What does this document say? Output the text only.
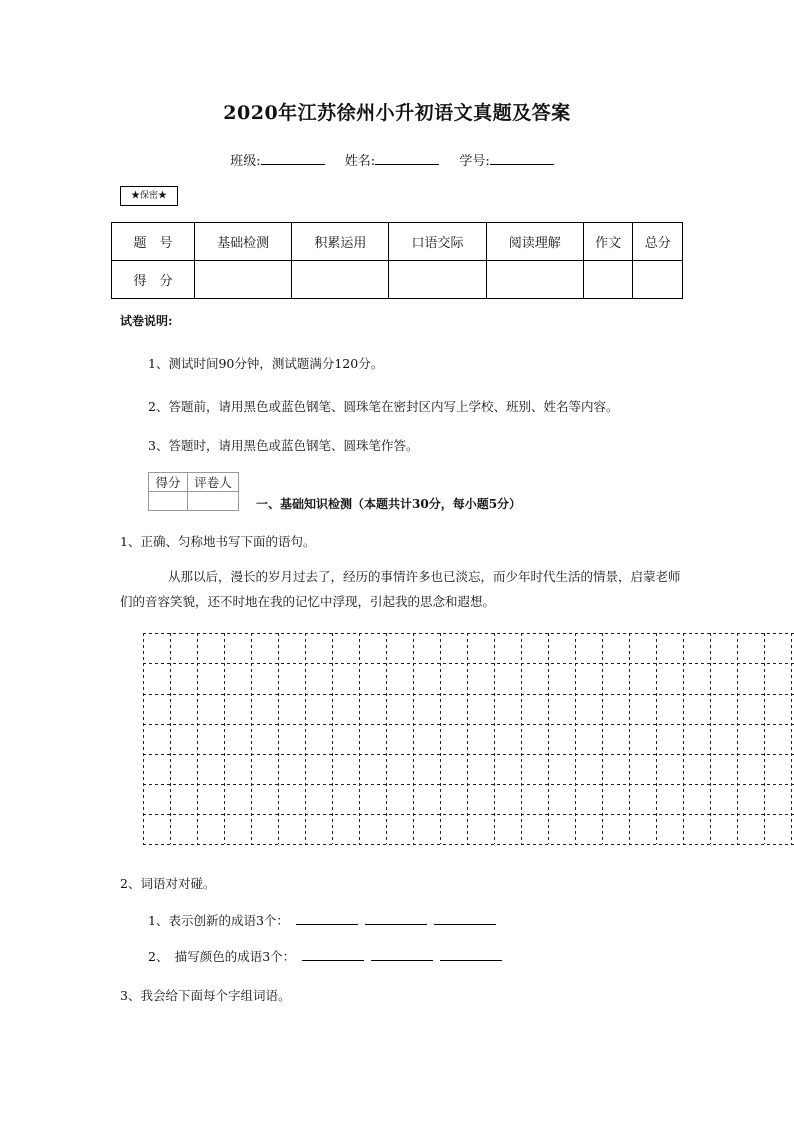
2020年江苏徐州小升初语文真题及答案
班级:	姓名:	学号:
★保密★
题　号	基础检测	积累运用	口语交际	阅读理解	作文	总分
得　分						
试卷说明:
1、测试时间90分钟，测试题满分120分。
2、答题前，请用黑色或蓝色钢笔、圆珠笔在密封区内写上学校、班别、姓名等内容。
3、答题时，请用黑色或蓝色钢笔、圆珠笔作答。
得分	评卷人

一、基础知识检测（本题共计30分，每小题5分）
1、正确、匀称地书写下面的语句。
从那以后，漫长的岁月过去了，经历的事情许多也已淡忘，而少年时代生活的情景，启蒙老师们的音容笑貌，还不时地在我的记忆中浮现，引起我的思念和遐想。
2、词语对对碰。
1、表示创新的成语3个：
2、　描写颜色的成语3个：
3、我会给下面每个字组词语。
